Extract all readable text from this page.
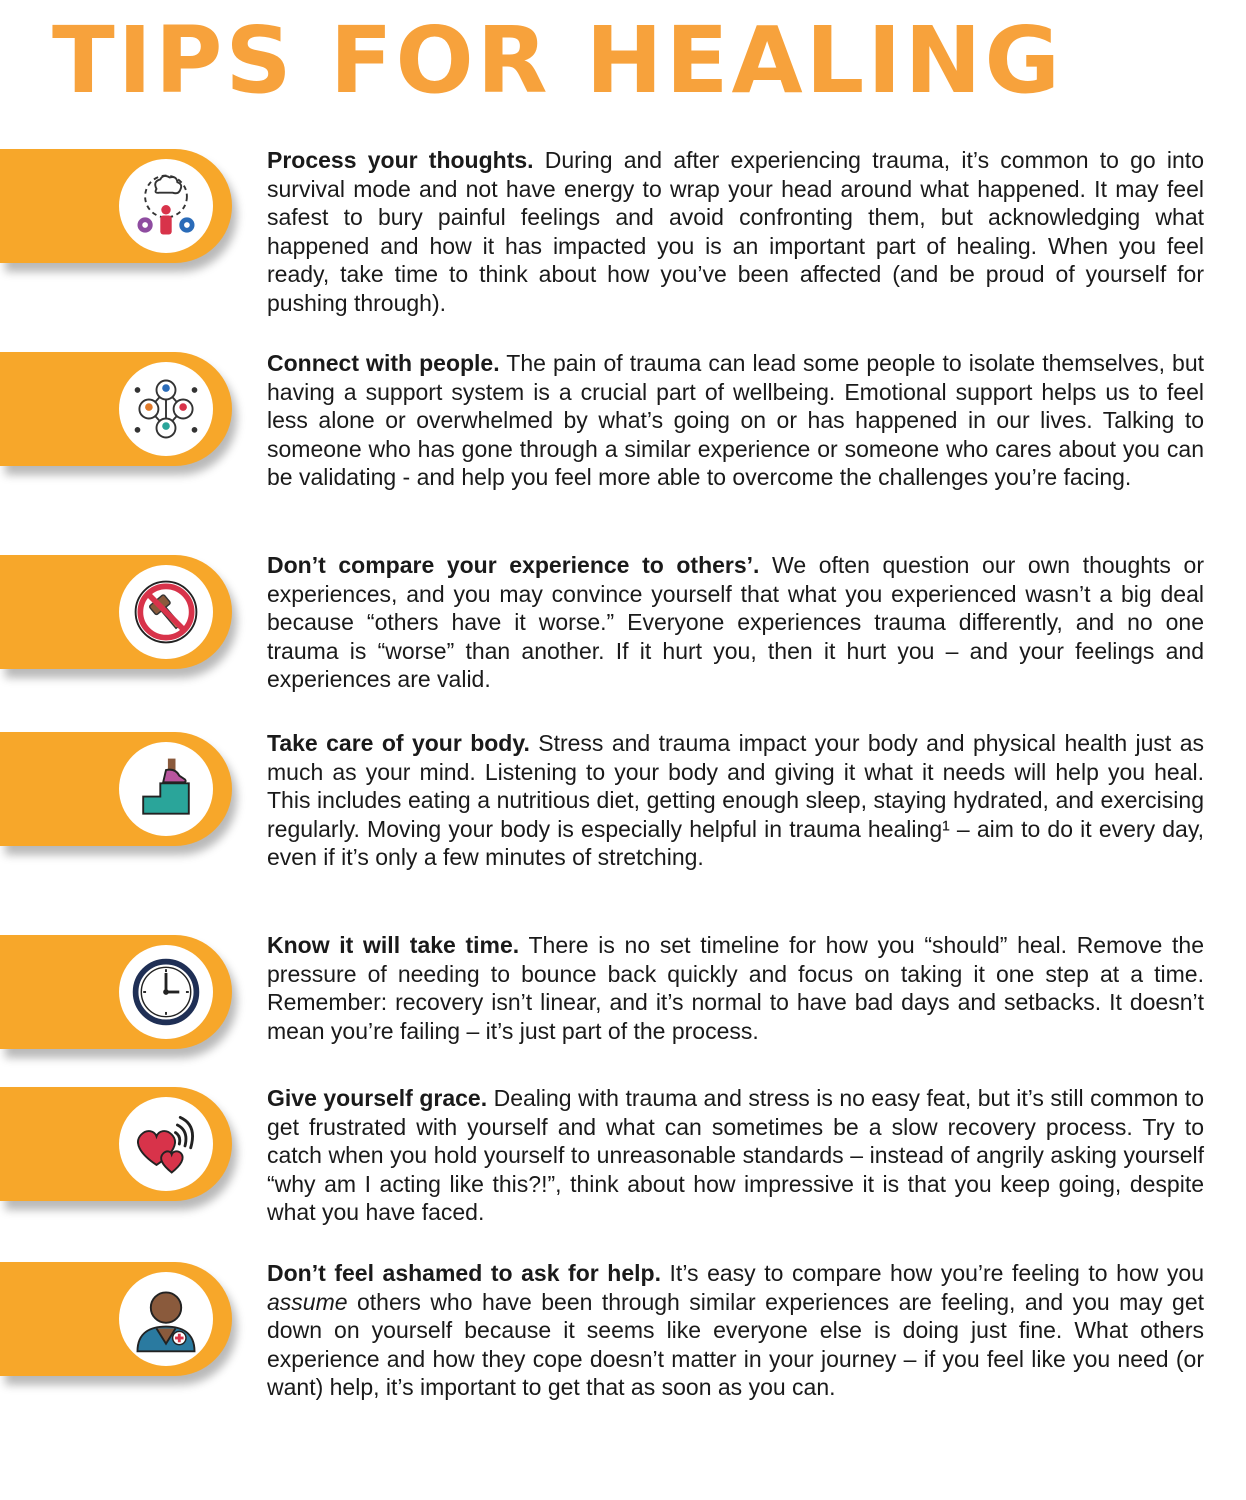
TIPS FOR HEALING

Process your thoughts. During and after experiencing trauma, it’s common to go into survival mode and not have energy to wrap your head around what happened. It may feel safest to bury painful feelings and avoid confronting them, but acknowledging what happened and how it has impacted you is an important part of healing. When you feel ready, take time to think about how you’ve been affected (and be proud of yourself for pushing through).

Connect with people. The pain of trauma can lead some people to isolate themselves, but having a support system is a crucial part of wellbeing. Emotional support helps us to feel less alone or overwhelmed by what’s going on or has happened in our lives. Talking to someone who has gone through a similar experience or someone who cares about you can be validating - and help you feel more able to overcome the challenges you’re facing.

Don’t compare your experience to others’. We often question our own thoughts or experiences, and you may convince yourself that what you experienced wasn’t a big deal because “others have it worse.” Everyone experiences trauma differently, and no one trauma is “worse” than another. If it hurt you, then it hurt you – and your feelings and experiences are valid.

Take care of your body. Stress and trauma impact your body and physical health just as much as your mind. Listening to your body and giving it what it needs will help you heal. This includes eating a nutritious diet, getting enough sleep, staying hydrated, and exercising regularly. Moving your body is especially helpful in trauma healing¹ – aim to do it every day, even if it’s only a few minutes of stretching.

Know it will take time. There is no set timeline for how you “should” heal. Remove the pressure of needing to bounce back quickly and focus on taking it one step at a time. Remember: recovery isn’t linear, and it’s normal to have bad days and setbacks. It doesn’t mean you’re failing – it’s just part of the process.

Give yourself grace. Dealing with trauma and stress is no easy feat, but it’s still common to get frustrated with yourself and what can sometimes be a slow recovery process. Try to catch when you hold yourself to unreasonable standards – instead of angrily asking yourself “why am I acting like this?!”, think about how impressive it is that you keep going, despite what you have faced.

Don’t feel ashamed to ask for help. It’s easy to compare how you’re feeling to how you assume others who have been through similar experiences are feeling, and you may get down on yourself because it seems like everyone else is doing just fine. What others experience and how they cope doesn’t matter in your journey – if you feel like you need (or want) help, it’s important to get that as soon as you can.
